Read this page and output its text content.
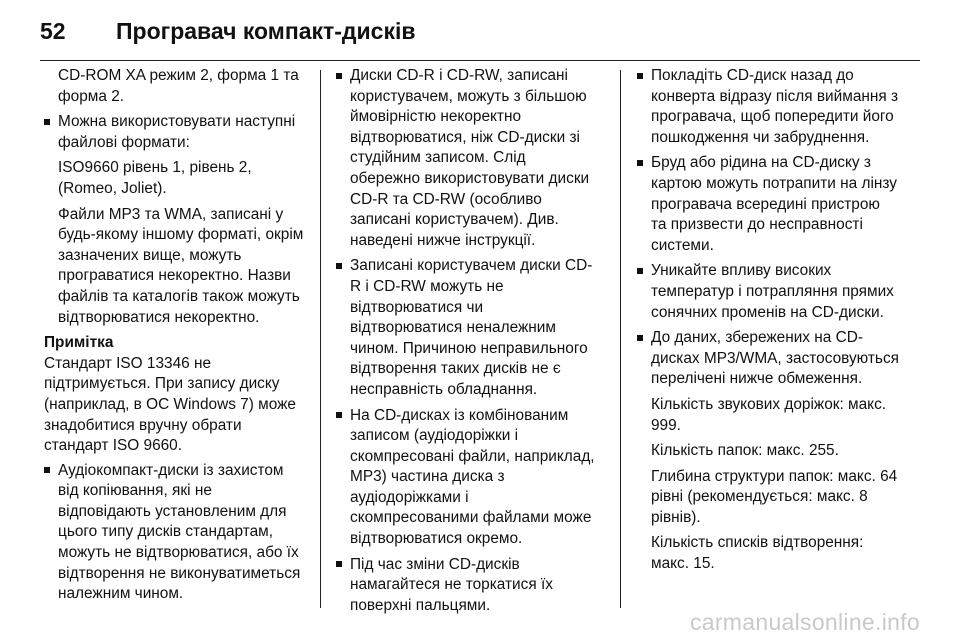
52	Програвач компакт-дисків

CD-ROM XA режим 2, форма 1 та форма 2.

Можна використовувати наступні файлові формати:

ISO9660 рівень 1, рівень 2, (Romeo, Joliet).

Файли MP3 та WMA, записані у будь-якому іншому форматі, окрім зазначених вище, можуть програватися некоректно. Назви файлів та каталогів також можуть відтворюватися некоректно.

Примітка
Стандарт ISO 13346 не підтримується. При запису диску (наприклад, в ОС Windows 7) може знадобитися вручну обрати стандарт ISO 9660.
Аудіокомпакт-диски із захистом від копіювання, які не відповідають установленим для цього типу дисків стандартам, можуть не відтворюватися, або їх відтворення не виконуватиметься належним чином.
Диски CD-R і CD-RW, записані користувачем, можуть з більшою ймовірністю некоректно відтворюватися, ніж CD-диски зі студійним записом. Слід обережно використовувати диски CD-R та CD-RW (особливо записані користувачем). Див. наведені нижче інструкції.
Записані користувачем диски CD-R і CD-RW можуть не відтворюватися чи відтворюватися неналежним чином. Причиною неправильного відтворення таких дисків не є несправність обладнання.
На CD-дисках із комбінованим записом (аудіодоріжки і скомпресовані файли, наприклад, MP3) частина диска з аудіодоріжками і скомпресованими файлами може відтворюватися окремо.
Під час зміни CD-дисків намагайтеся не торкатися їх поверхні пальцями.
Покладіть CD-диск назад до конверта відразу після виймання з програвача, щоб попередити його пошкодження чи забруднення.
Бруд або рідина на CD-диску з картою можуть потрапити на лінзу програвача всередині пристрою та призвести до несправності системи.
Уникайте впливу високих температур і потрапляння прямих сонячних променів на CD-диски.
До даних, збережених на CD-дисках MP3/WMA, застосовуються перелічені нижче обмеження.

Кількість звукових доріжок: макс. 999.

Кількість папок: макс. 255.

Глибина структури папок: макс. 64 рівні (рекомендується: макс. 8 рівнів).

Кількість списків відтворення: макс. 15.

carmanualsonline.info
